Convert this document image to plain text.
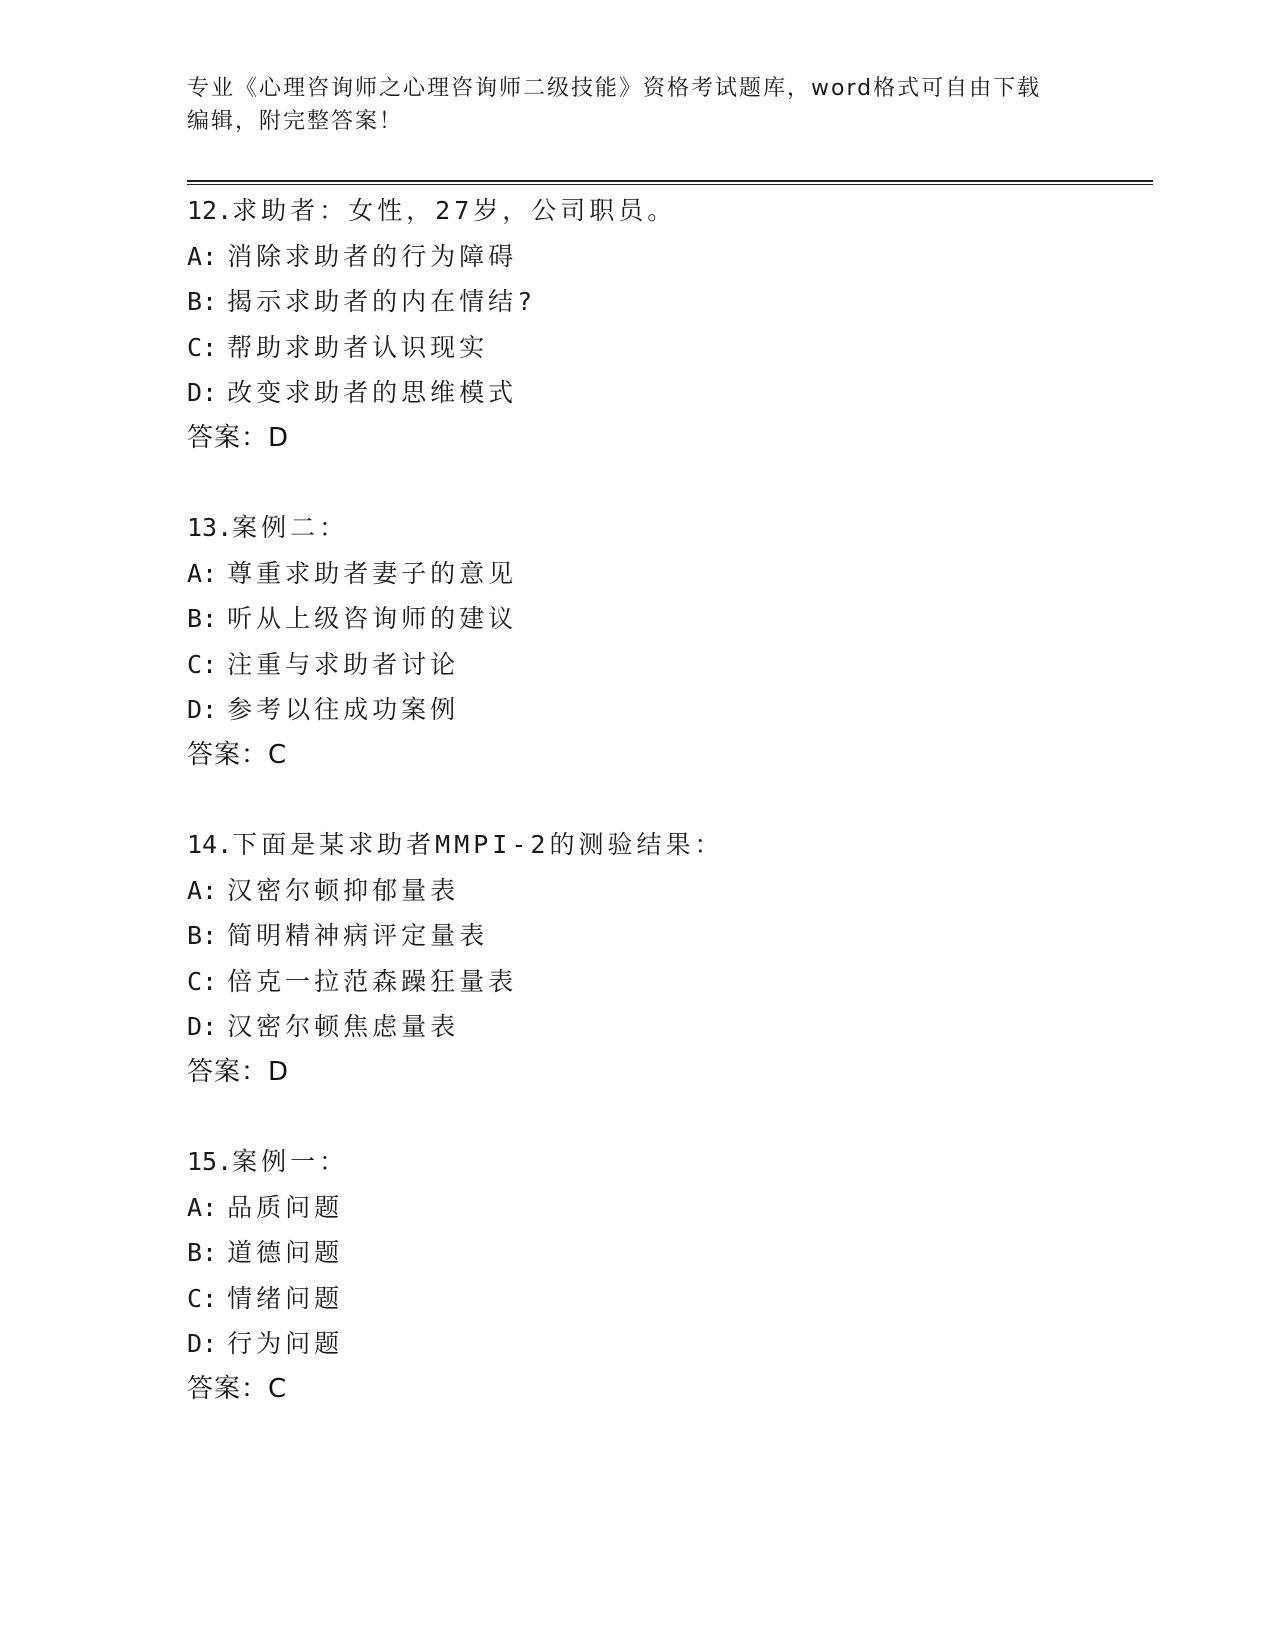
专业《心理咨询师之心理咨询师二级技能》资格考试题库，word格式可自由下载
编辑，附完整答案！
12.求助者：女性，27岁，公司职员。
A: 消除求助者的行为障碍
B: 揭示求助者的内在情结?
C: 帮助求助者认识现实
D: 改变求助者的思维模式
答案：D
13.案例二：
A: 尊重求助者妻子的意见
B: 听从上级咨询师的建议
C: 注重与求助者讨论
D: 参考以往成功案例
答案：C
14.下面是某求助者MMPI-2的测验结果：
A: 汉密尔顿抑郁量表
B: 简明精神病评定量表
C: 倍克一拉范森躁狂量表
D: 汉密尔顿焦虑量表
答案：D
15.案例一：
A: 品质问题
B: 道德问题
C: 情绪问题
D: 行为问题
答案：C
